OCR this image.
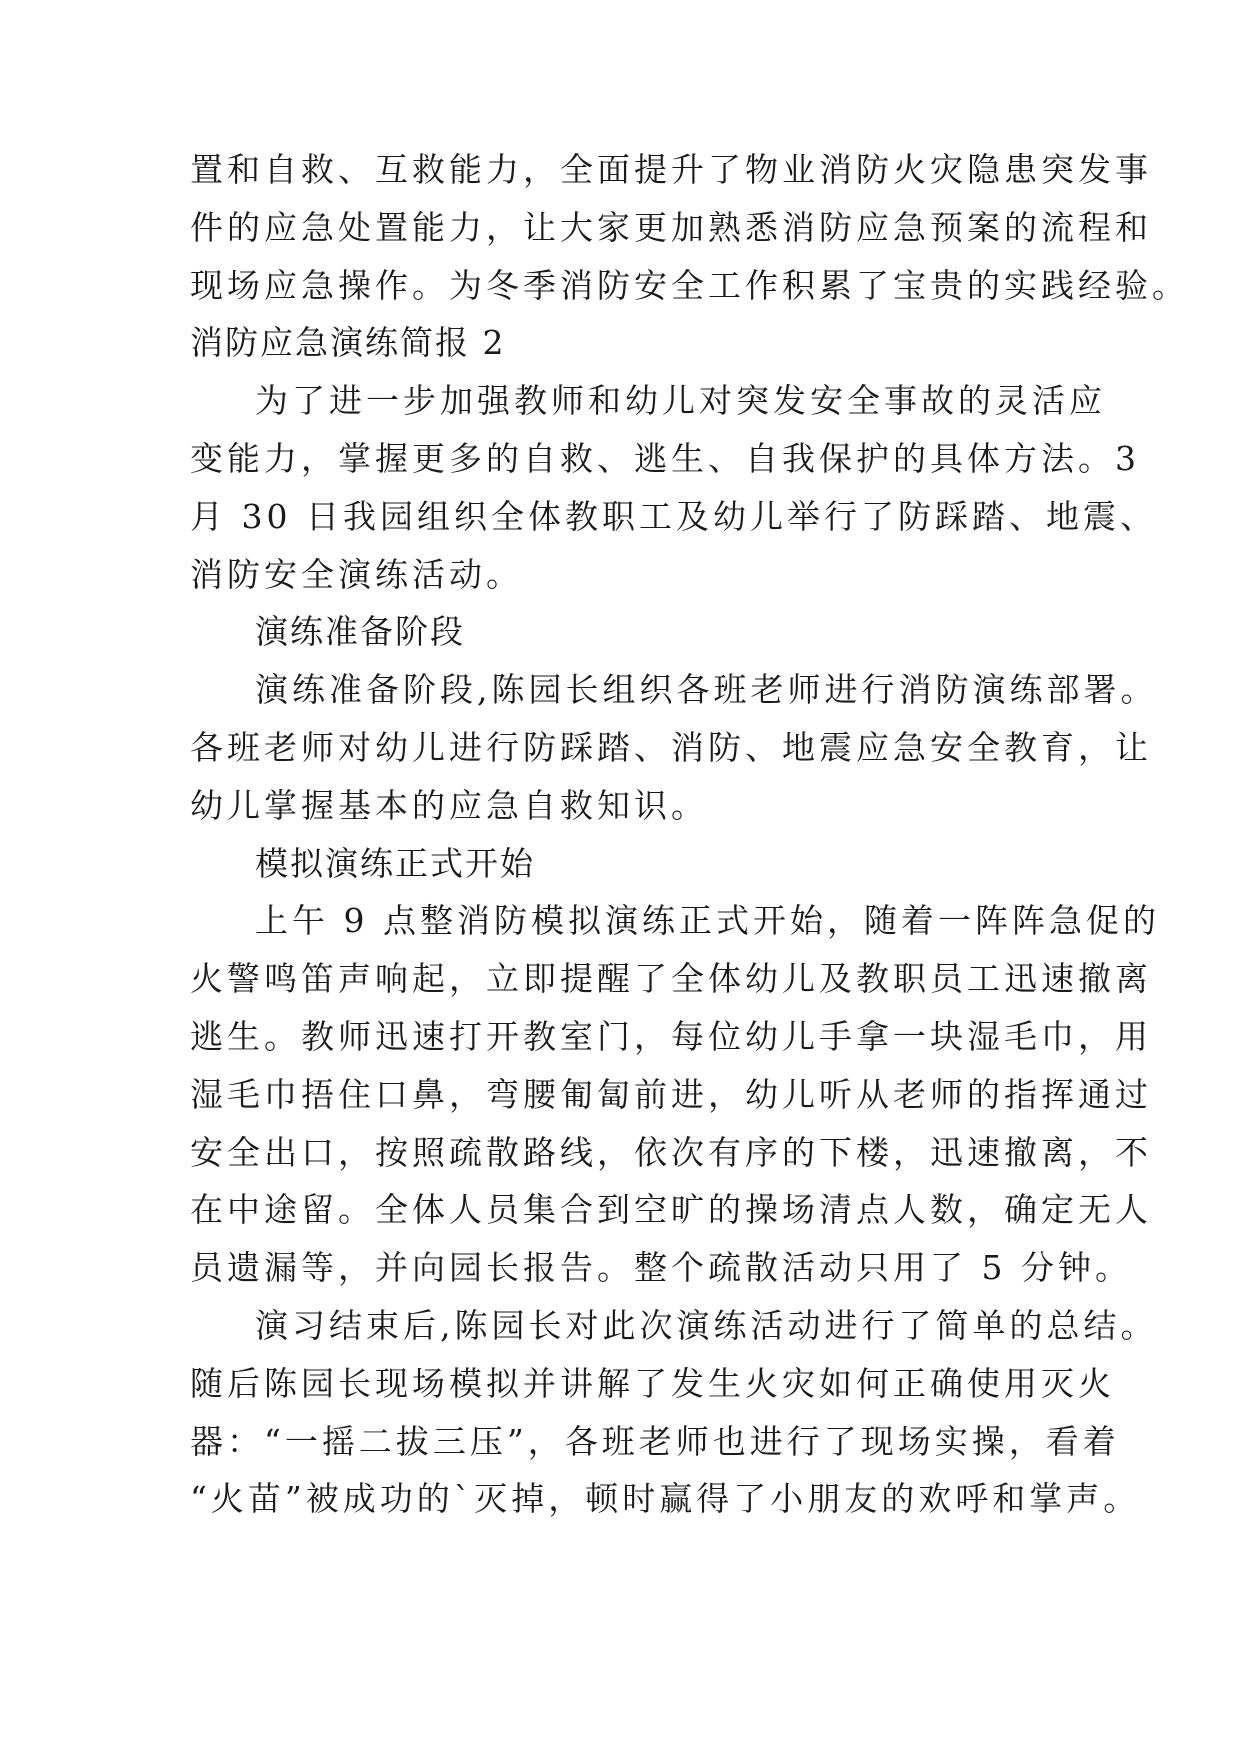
置和自救、互救能力，全面提升了物业消防火灾隐患突发事
件的应急处置能力，让大家更加熟悉消防应急预案的流程和
现场应急操作。为冬季消防安全工作积累了宝贵的实践经验。
消防应急演练简报 2
为了进一步加强教师和幼儿对突发安全事故的灵活应
变能力，掌握更多的自救、逃生、自我保护的具体方法。3
月 30 日我园组织全体教职工及幼儿举行了防踩踏、地震、
消防安全演练活动。
演练准备阶段
演练准备阶段,陈园长组织各班老师进行消防演练部署。
各班老师对幼儿进行防踩踏、消防、地震应急安全教育，让
幼儿掌握基本的应急自救知识。
模拟演练正式开始
上午 9 点整消防模拟演练正式开始，随着一阵阵急促的
火警鸣笛声响起，立即提醒了全体幼儿及教职员工迅速撤离
逃生。教师迅速打开教室门，每位幼儿手拿一块湿毛巾，用
湿毛巾捂住口鼻，弯腰匍匐前进，幼儿听从老师的指挥通过
安全出口，按照疏散路线，依次有序的下楼，迅速撤离，不
在中途留。全体人员集合到空旷的操场清点人数，确定无人
员遗漏等，并向园长报告。整个疏散活动只用了 5 分钟。
演习结束后,陈园长对此次演练活动进行了简单的总结。
随后陈园长现场模拟并讲解了发生火灾如何正确使用灭火
器：“一摇二拔三压”，各班老师也进行了现场实操，看着
“火苗”被成功的`灭掉，顿时赢得了小朋友的欢呼和掌声。
